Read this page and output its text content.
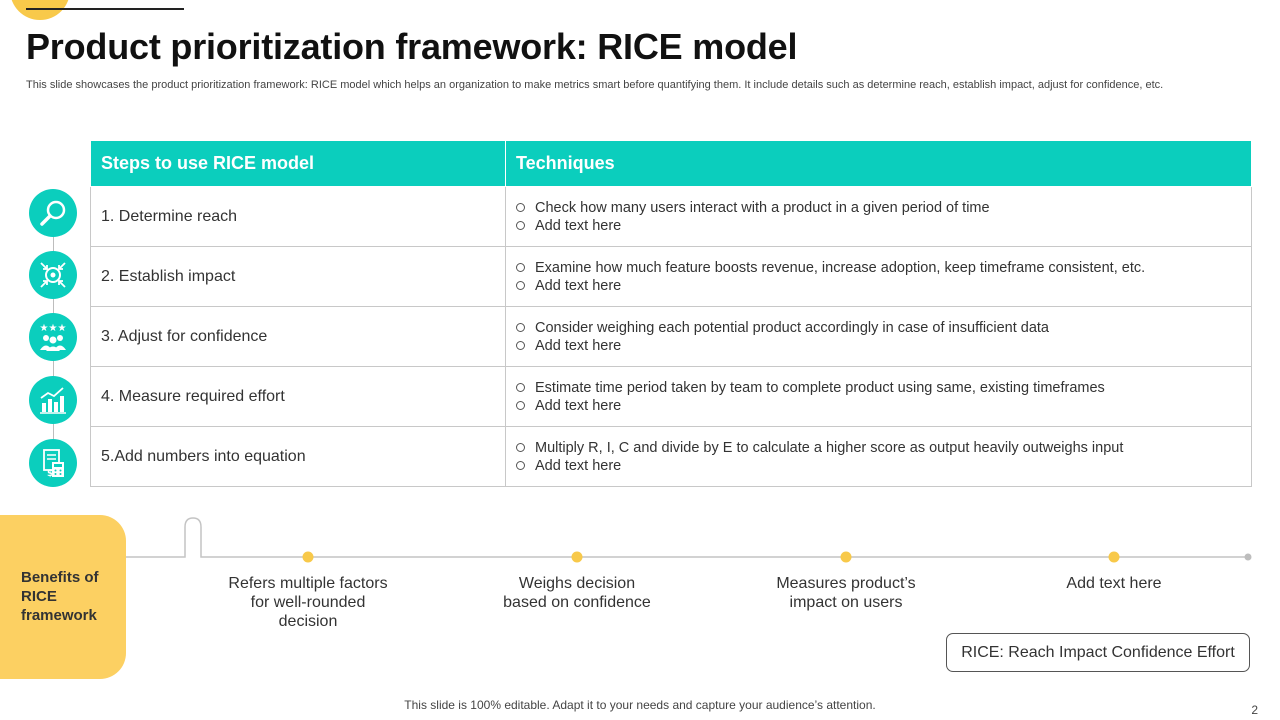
Product prioritization framework: RICE model

This slide showcases the product prioritization framework: RICE model which helps an organization to make metrics smart before quantifying them. It include details such as determine reach, establish impact, adjust for confidence, etc.

★★★
$
Steps to use RICE model	Techniques
1. Determine reach	Check how many users interact with a product in a given period of time
Add text here

2. Establish impact	Examine how much feature boosts revenue, increase adoption, keep timeframe consistent, etc.
Add text here

3. Adjust for confidence	Consider weighing each potential product accordingly in case of insufficient data
Add text here

4. Measure required effort	Estimate time period taken by team to complete product using same, existing timeframes
Add text here

5.Add numbers into equation	Multiply R, I, C and divide by E to calculate a higher score as output heavily outweighs input
Add text here

Benefits of RICE framework

Refers multiple factors for well-rounded decision
Weighs decision based on confidence
Measures product’s impact on users
Add text here
RICE: Reach Impact Confidence Effort
This slide is 100% editable. Adapt it to your needs and capture your audience’s attention.	2
